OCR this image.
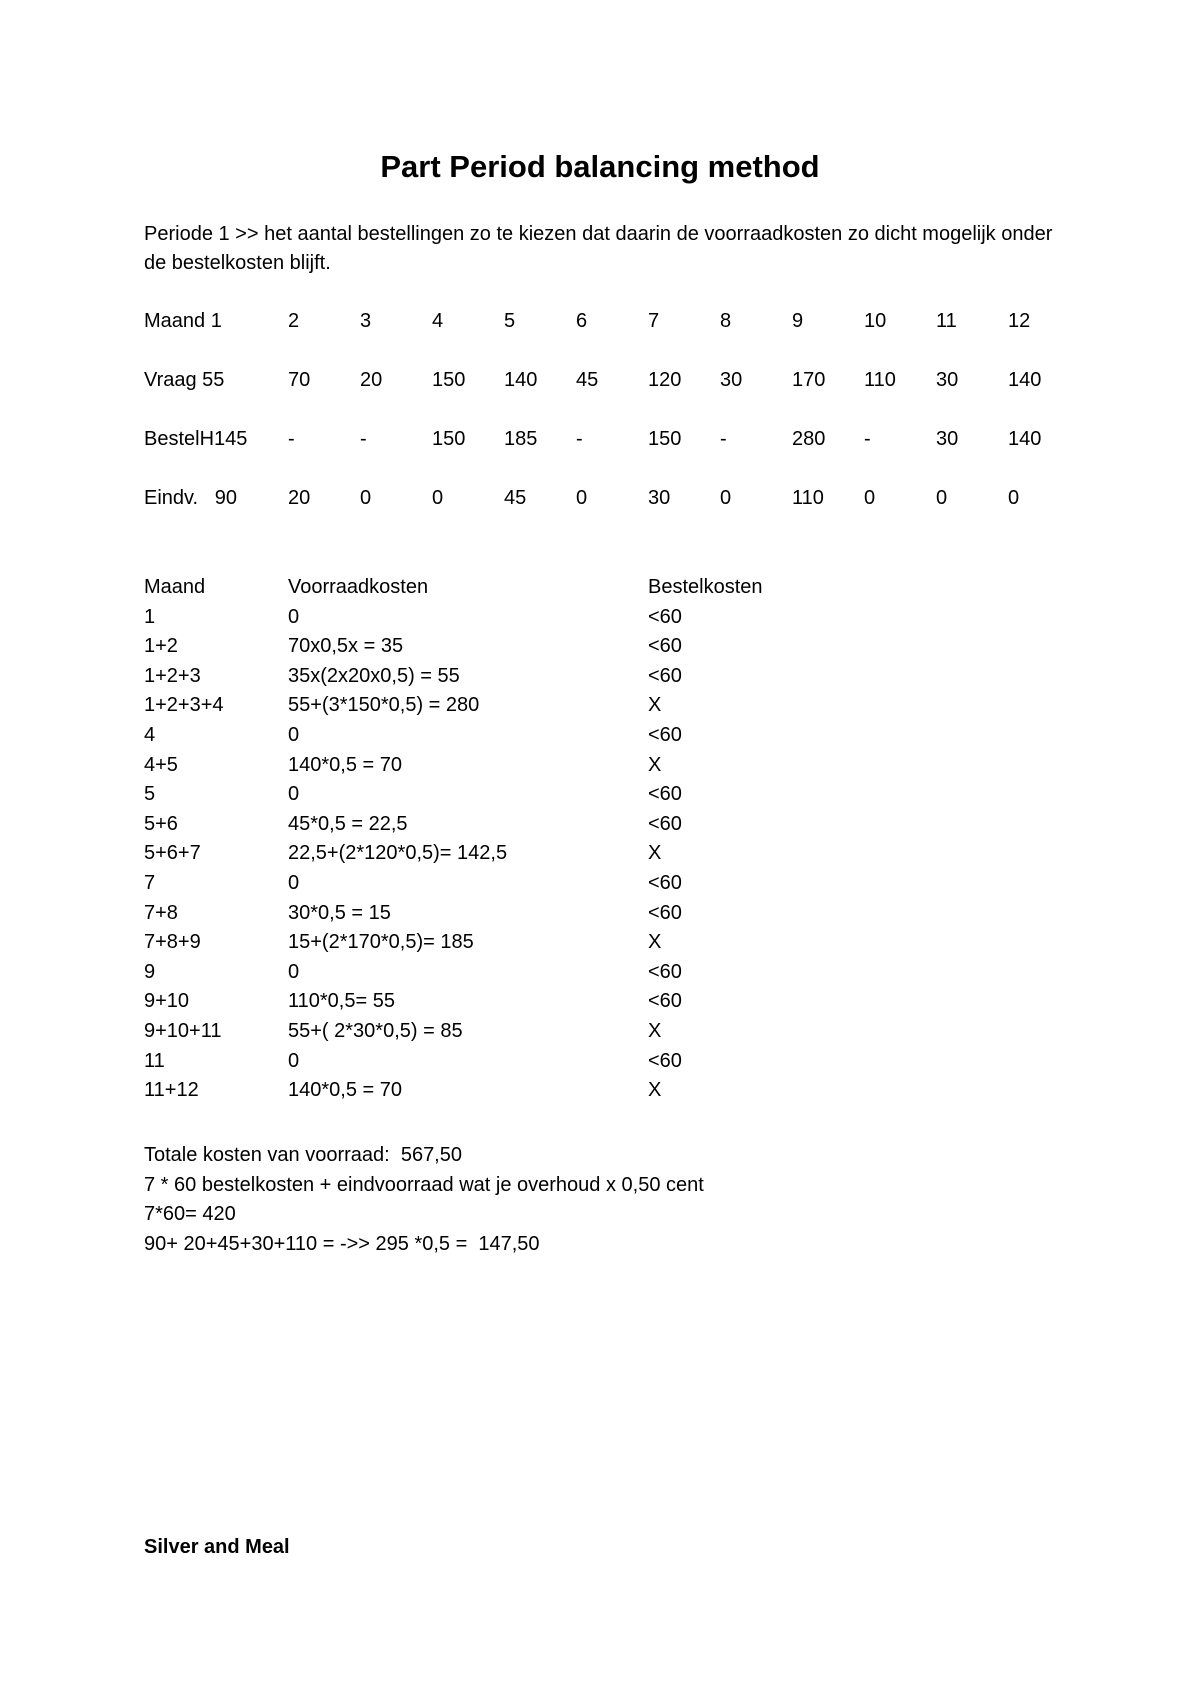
Part Period balancing method
Periode 1 >> het aantal bestellingen zo te kiezen dat daarin de voorraadkosten zo dicht mogelijk onder de bestelkosten blijft.
Maand 1	2	3	4	5	6	7	8	9	10 11	12
Vraag 55	70 20 150 140 45 120 30 170 110 30 140
BestelH145 -	-	150 185 -	150 -	280 -	30 140
Eindv.   90	20 0	0	45 0	30 0	110 0	0	0
Maand	Voorraadkosten	Bestelkosten
1	0	<60
1+2	70x0,5x = 35	<60
1+2+3	35x(2x20x0,5) = 55	<60
1+2+3+4	55+(3*150*0,5) = 280	X
4	0	<60
4+5	140*0,5 = 70	X
5	0	<60
5+6	45*0,5 = 22,5	<60
5+6+7	22,5+(2*120*0,5)= 142,5	X
7	0	<60
7+8	30*0,5 = 15	<60
7+8+9	15+(2*170*0,5)= 185	X
9	0	<60
9+10	110*0,5= 55	<60
9+10+11	55+( 2*30*0,5) = 85	X
11	0	<60
11+12	140*0,5 = 70	X
Totale kosten van voorraad:  567,50
7 * 60 bestelkosten + eindvoorraad wat je overhoud x 0,50 cent
7*60= 420
90+ 20+45+30+110 = ->> 295 *0,5 =  147,50
Silver and Meal
